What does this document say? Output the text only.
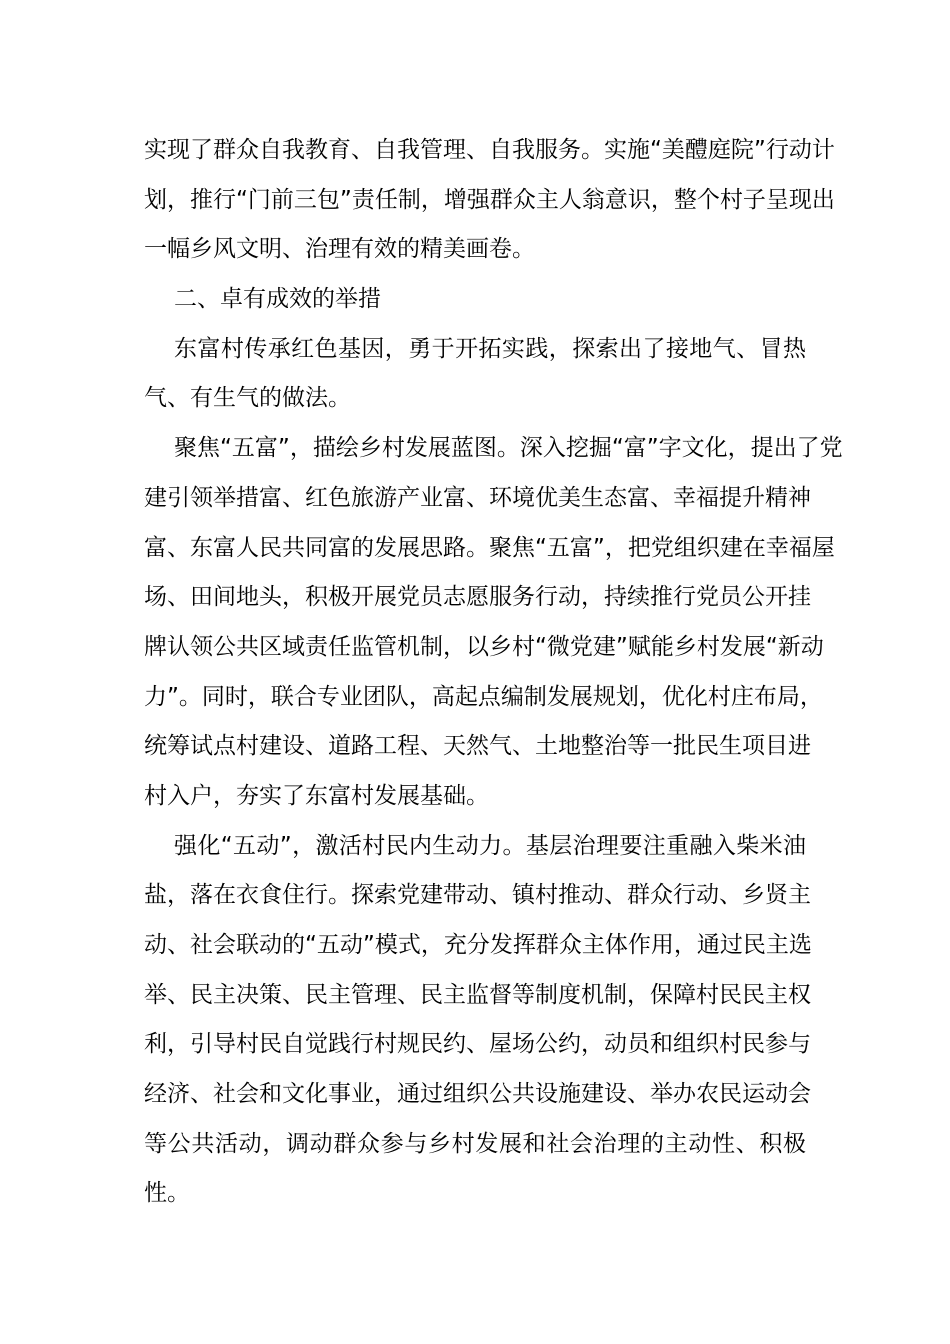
实现了群众自我教育、自我管理、自我服务。实施“美醴庭院”行动计
划，推行“门前三包”责任制，增强群众主人翁意识，整个村子呈现出
一幅乡风文明、治理有效的精美画卷。
二、卓有成效的举措
东富村传承红色基因，勇于开拓实践，探索出了接地气、冒热
气、有生气的做法。
聚焦“五富”，描绘乡村发展蓝图。深入挖掘“富”字文化，提出了党
建引领举措富、红色旅游产业富、环境优美生态富、幸福提升精神
富、东富人民共同富的发展思路。聚焦“五富”，把党组织建在幸福屋
场、田间地头，积极开展党员志愿服务行动，持续推行党员公开挂
牌认领公共区域责任监管机制，以乡村“微党建”赋能乡村发展“新动
力”。同时，联合专业团队，高起点编制发展规划，优化村庄布局，
统筹试点村建设、道路工程、天然气、土地整治等一批民生项目进
村入户，夯实了东富村发展基础。
强化“五动”，激活村民内生动力。基层治理要注重融入柴米油
盐，落在衣食住行。探索党建带动、镇村推动、群众行动、乡贤主
动、社会联动的“五动”模式，充分发挥群众主体作用，通过民主选
举、民主决策、民主管理、民主监督等制度机制，保障村民民主权
利，引导村民自觉践行村规民约、屋场公约，动员和组织村民参与
经济、社会和文化事业，通过组织公共设施建设、举办农民运动会
等公共活动，调动群众参与乡村发展和社会治理的主动性、积极
性。
